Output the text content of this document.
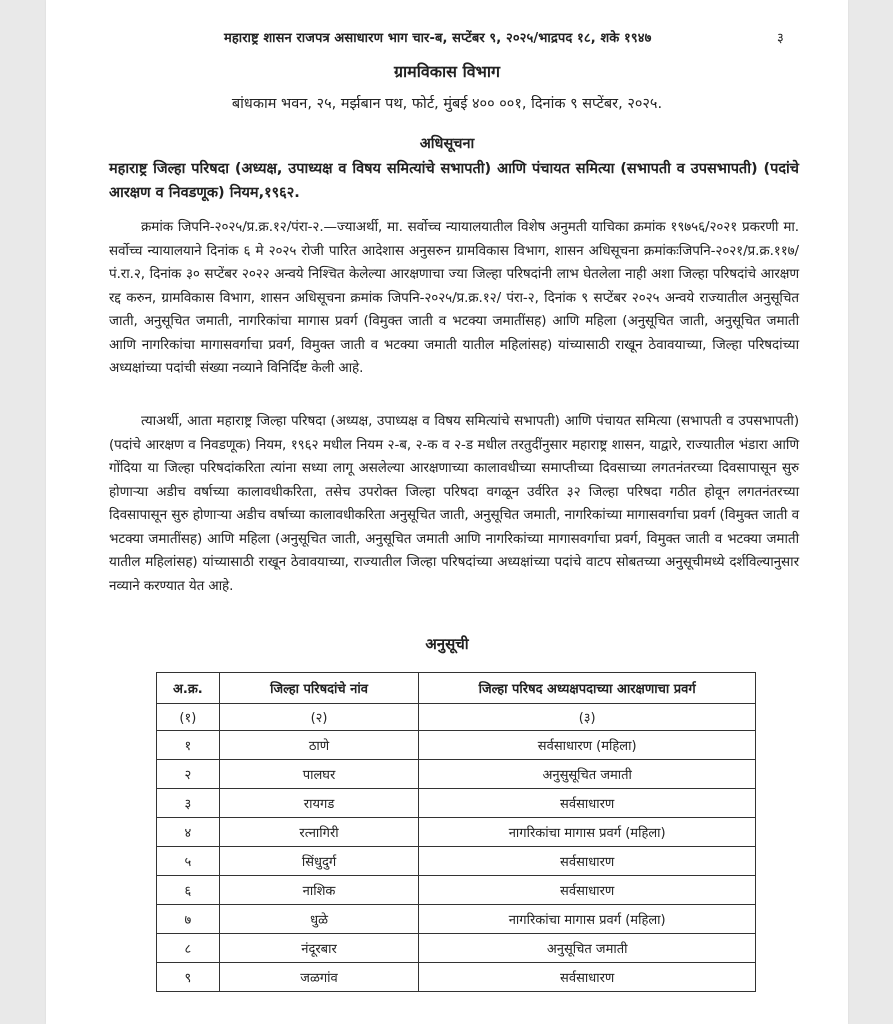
महाराष्ट्र शासन राजपत्र असाधारण भाग चार-ब, सप्टेंबर ९, २०२५/भाद्रपद १८, शके १९४७	३
ग्रामविकास विभाग
बांधकाम भवन, २५, मर्झबान पथ, फोर्ट, मुंबई ४०० ००१, दिनांक ९ सप्टेंबर, २०२५.
अधिसूचना
महाराष्ट्र जिल्हा परिषदा (अध्यक्ष, उपाध्यक्ष व विषय समित्यांचे सभापती) आणि पंचायत समित्या (सभापती व उपसभापती) (पदांचे आरक्षण व निवडणूक) नियम,१९६२.
क्रमांक जिपनि-२०२५/प्र.क्र.१२/पंरा-२.—ज्याअर्थी, मा. सर्वोच्च न्यायालयातील विशेष अनुमती याचिका क्रमांक १९७५६/२०२१ प्रकरणी मा. सर्वोच्च न्यायालयाने दिनांक ६ मे २०२५ रोजी पारित आदेशास अनुसरुन ग्रामविकास विभाग, शासन अधिसूचना क्रमांकःजिपनि-२०२१/प्र.क्र.११७/पं.रा.२, दिनांक ३० सप्टेंबर २०२२ अन्वये निश्चित केलेल्या आरक्षणाचा ज्या जिल्हा परिषदांनी लाभ घेतलेला नाही अशा जिल्हा परिषदांचे आरक्षण रद्द करुन, ग्रामविकास विभाग, शासन अधिसूचना क्रमांक जिपनि-२०२५/प्र.क्र.१२/ पंरा-२, दिनांक ९ सप्टेंबर २०२५ अन्वये राज्यातील अनुसूचित जाती, अनुसूचित जमाती, नागरिकांचा मागास प्रवर्ग (विमुक्त जाती व भटक्या जमातींसह) आणि महिला (अनुसूचित जाती, अनुसूचित जमाती आणि नागरिकांचा मागासवर्गाचा प्रवर्ग, विमुक्त जाती व भटक्या जमाती यातील महिलांसह) यांच्यासाठी राखून ठेवावयाच्या, जिल्हा परिषदांच्या अध्यक्षांच्या पदांची संख्या नव्याने विनिर्दिष्ट केली आहे.
त्याअर्थी, आता महाराष्ट्र जिल्हा परिषदा (अध्यक्ष, उपाध्यक्ष व विषय समित्यांचे सभापती) आणि पंचायत समित्या (सभापती व उपसभापती) (पदांचे आरक्षण व निवडणूक) नियम, १९६२ मधील नियम २-ब, २-क व २-ड मधील तरतुदींनुसार महाराष्ट्र शासन, याद्वारे, राज्यातील भंडारा आणि गोंदिया या जिल्हा परिषदांकरिता त्यांना सध्या लागू असलेल्या आरक्षणाच्या कालावधीच्या समाप्तीच्या दिवसाच्या लगतनंतरच्या दिवसापासून सुरु होणाऱ्या अडीच वर्षाच्या कालावधीकरिता, तसेच उपरोक्त जिल्हा परिषदा वगळून उर्वरित ३२ जिल्हा परिषदा गठीत होवून लगतनंतरच्या दिवसापासून सुरु होणाऱ्या अडीच वर्षाच्या कालावधीकरिता अनुसूचित जाती, अनुसूचित जमाती, नागरिकांच्या मागासवर्गाचा प्रवर्ग (विमुक्त जाती व भटक्या जमातींसह) आणि महिला (अनुसूचित जाती, अनुसूचित जमाती आणि नागरिकांच्या मागासवर्गाचा प्रवर्ग, विमुक्त जाती व भटक्या जमाती यातील महिलांसह) यांच्यासाठी राखून ठेवावयाच्या, राज्यातील जिल्हा परिषदांच्या अध्यक्षांच्या पदांचे वाटप सोबतच्या अनुसूचीमध्ये दर्शविल्यानुसार नव्याने करण्यात येत आहे.
अनुसूची
अ.क्र.	जिल्हा परिषदांचे नांव	जिल्हा परिषद अध्यक्षपदाच्या आरक्षणाचा प्रवर्ग
(१)	(२)	(३)
१	ठाणे	सर्वसाधारण (महिला)
२	पालघर	अनुसुसूचित जमाती
३	रायगड	सर्वसाधारण
४	रत्नागिरी	नागरिकांचा मागास प्रवर्ग (महिला)
५	सिंधुदुर्ग	सर्वसाधारण
६	नाशिक	सर्वसाधारण
७	धुळे	नागरिकांचा मागास प्रवर्ग (महिला)
८	नंदूरबार	अनुसूचित जमाती
९	जळगांव	सर्वसाधारण
